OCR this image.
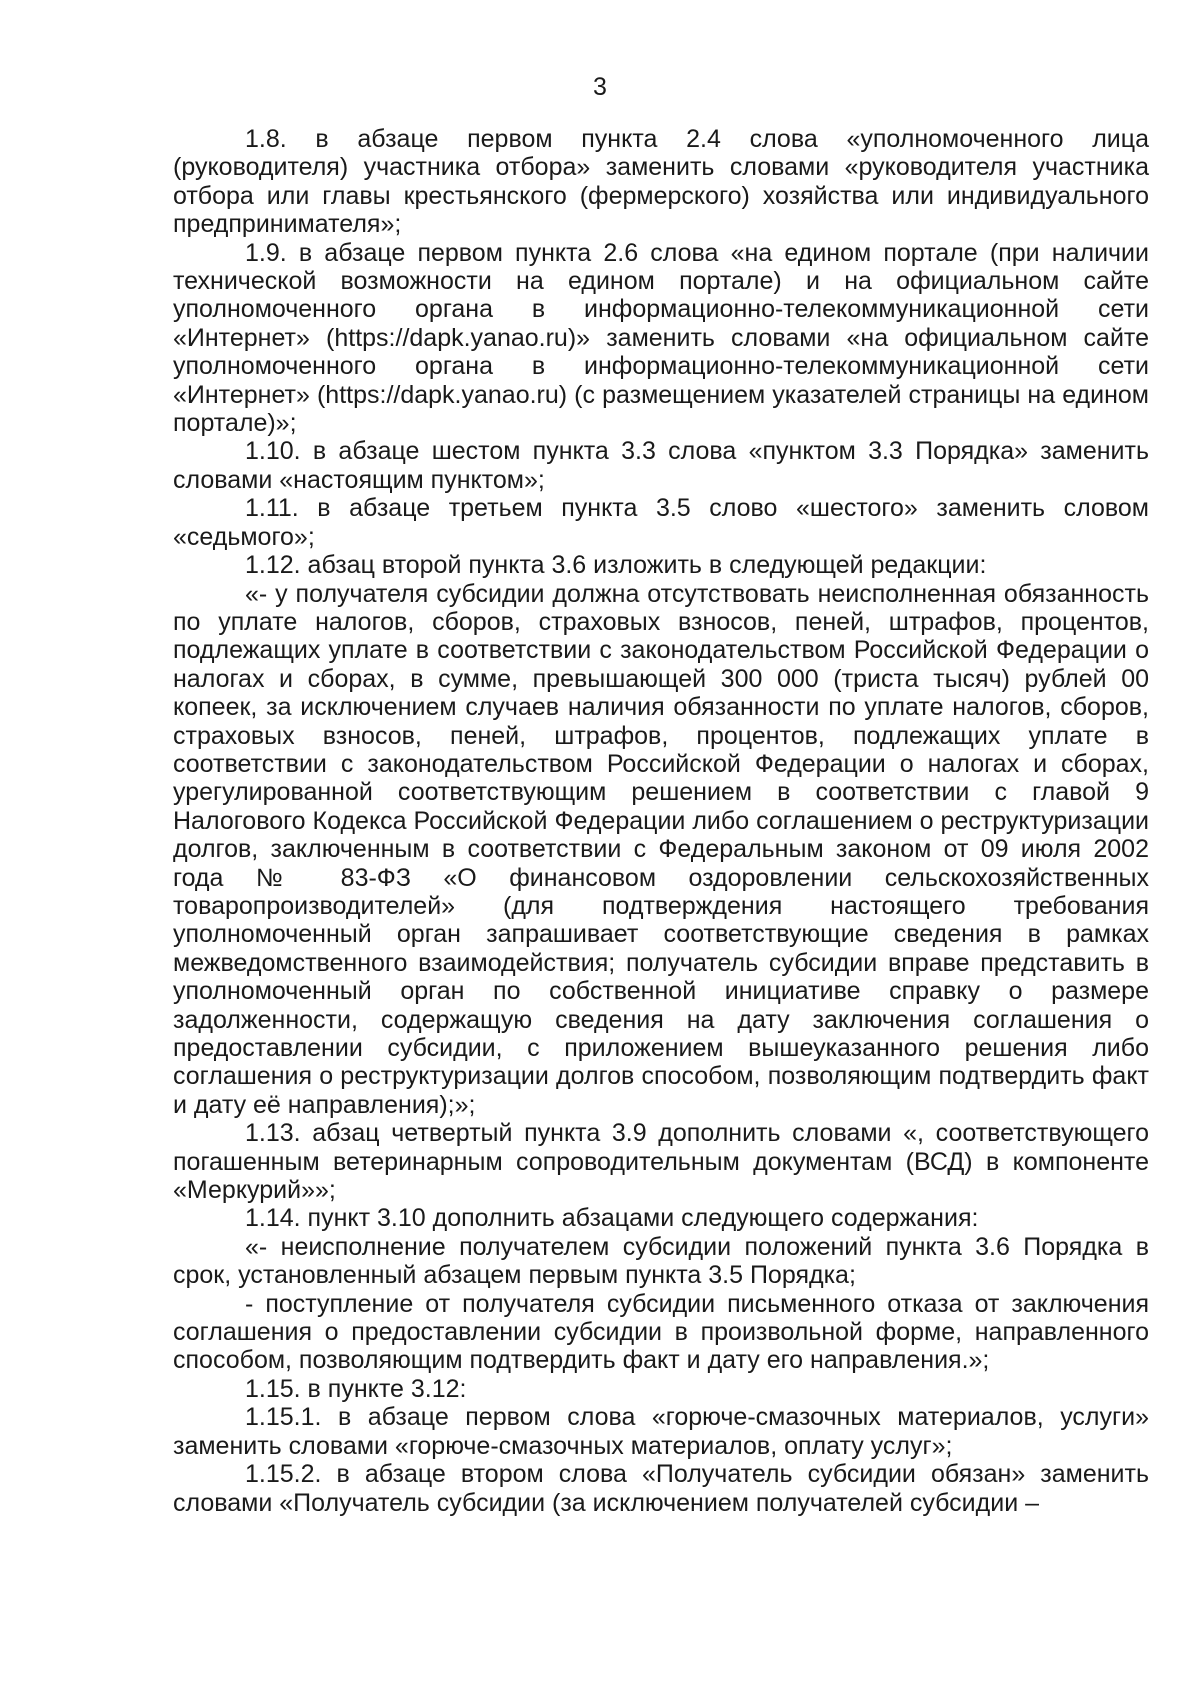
3

1.8. в абзаце первом пункта 2.4 слова «уполномоченного лица (руководителя) участника отбора» заменить словами «руководителя участника отбора или главы крестьянского (фермерского) хозяйства или индивидуального предпринимателя»;

1.9. в абзаце первом пункта 2.6 слова «на едином портале (при наличии технической возможности на едином портале) и на официальном сайте уполномоченного органа в информационно-телекоммуникационной сети «Интернет» (https://dapk.yanao.ru)» заменить словами «на официальном сайте уполномоченного органа в информационно-телекоммуникационной сети «Интернет» (https://dapk.yanao.ru) (с размещением указателей страницы на едином портале)»;

1.10. в абзаце шестом пункта 3.3 слова «пунктом 3.3 Порядка» заменить словами «настоящим пунктом»;

1.11. в абзаце третьем пункта 3.5 слово «шестого» заменить словом «седьмого»;

1.12. абзац второй пункта 3.6 изложить в следующей редакции:

«- у получателя субсидии должна отсутствовать неисполненная обязанность по уплате налогов, сборов, страховых взносов, пеней, штрафов, процентов, подлежащих уплате в соответствии с законодательством Российской Федерации о налогах и сборах, в сумме, превышающей 300 000 (триста тысяч) рублей 00 копеек, за исключением случаев наличия обязанности по уплате налогов, сборов, страховых взносов, пеней, штрафов, процентов, подлежащих уплате в соответствии с законодательством Российской Федерации о налогах и сборах, урегулированной соответствующим решением в соответствии с главой 9 Налогового Кодекса Российской Федерации либо соглашением о реструктуризации долгов, заключенным в соответствии с Федеральным законом от 09 июля 2002 года № 83-ФЗ «О финансовом оздоровлении сельскохозяйственных товаропроизводителей» (для подтверждения настоящего требования уполномоченный орган запрашивает соответствующие сведения в рамках межведомственного взаимодействия; получатель субсидии вправе представить в уполномоченный орган по собственной инициативе справку о размере задолженности, содержащую сведения на дату заключения соглашения о предоставлении субсидии, с приложением вышеуказанного решения либо соглашения о реструктуризации долгов способом, позволяющим подтвердить факт и дату её направления);»;

1.13. абзац четвертый пункта 3.9 дополнить словами «, соответствующего погашенным ветеринарным сопроводительным документам (ВСД) в компоненте «Меркурий»»;

1.14. пункт 3.10 дополнить абзацами следующего содержания:

«- неисполнение получателем субсидии положений пункта 3.6 Порядка в срок, установленный абзацем первым пункта 3.5 Порядка;

- поступление от получателя субсидии письменного отказа от заключения соглашения о предоставлении субсидии в произвольной форме, направленного способом, позволяющим подтвердить факт и дату его направления.»;

1.15. в пункте 3.12:

1.15.1. в абзаце первом слова «горюче-смазочных материалов, услуги» заменить словами «горюче-смазочных материалов, оплату услуг»;

1.15.2. в абзаце втором слова «Получатель субсидии обязан» заменить словами «Получатель субсидии (за исключением получателей субсидии –
